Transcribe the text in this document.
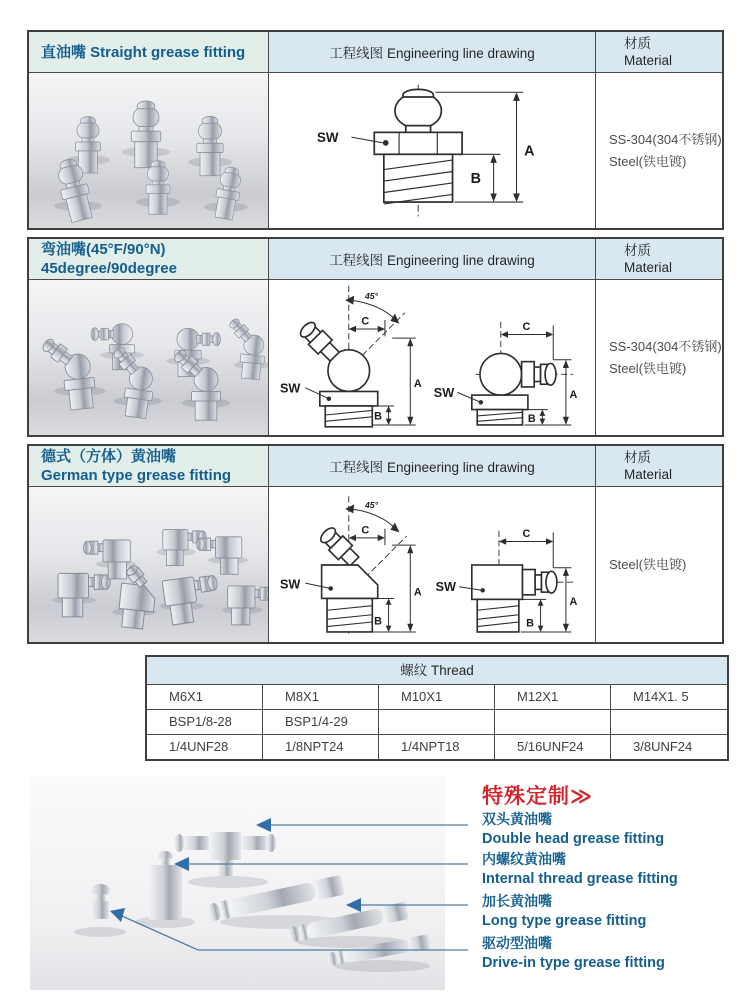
直油嘴 Straight grease fitting	工程线图 Engineering line drawing
材质
Material
SW
A
B
SS-304(304不锈钢)
Steel(铁电镀)
弯油嘴(45°F/90°N)
45degree/90degree	工程线图 Engineering line drawing
材质
Material
45°
C
SW	A
B
C
SW	A
B
SS-304(304不锈钢)
Steel(铁电镀)
德式（方体）黄油嘴
German type grease fitting	工程线图 Engineering line drawing
材质
Material
45°
C
SW
A
B
C
SW
A
B
Steel(铁电镀)
螺纹 Thread
M6X1	M8X1	M10X1	M12X1	M14X1. 5
BSP1/8-28	BSP1/4-29
1/4UNF28	1/8NPT24	1/4NPT18	5/16UNF24	3/8UNF24
特殊定制≫
双头黄油嘴
Double head grease fitting
内螺纹黄油嘴
Internal thread grease fitting
加长黄油嘴
Long type grease fitting
驱动型油嘴
Drive-in type grease fitting
